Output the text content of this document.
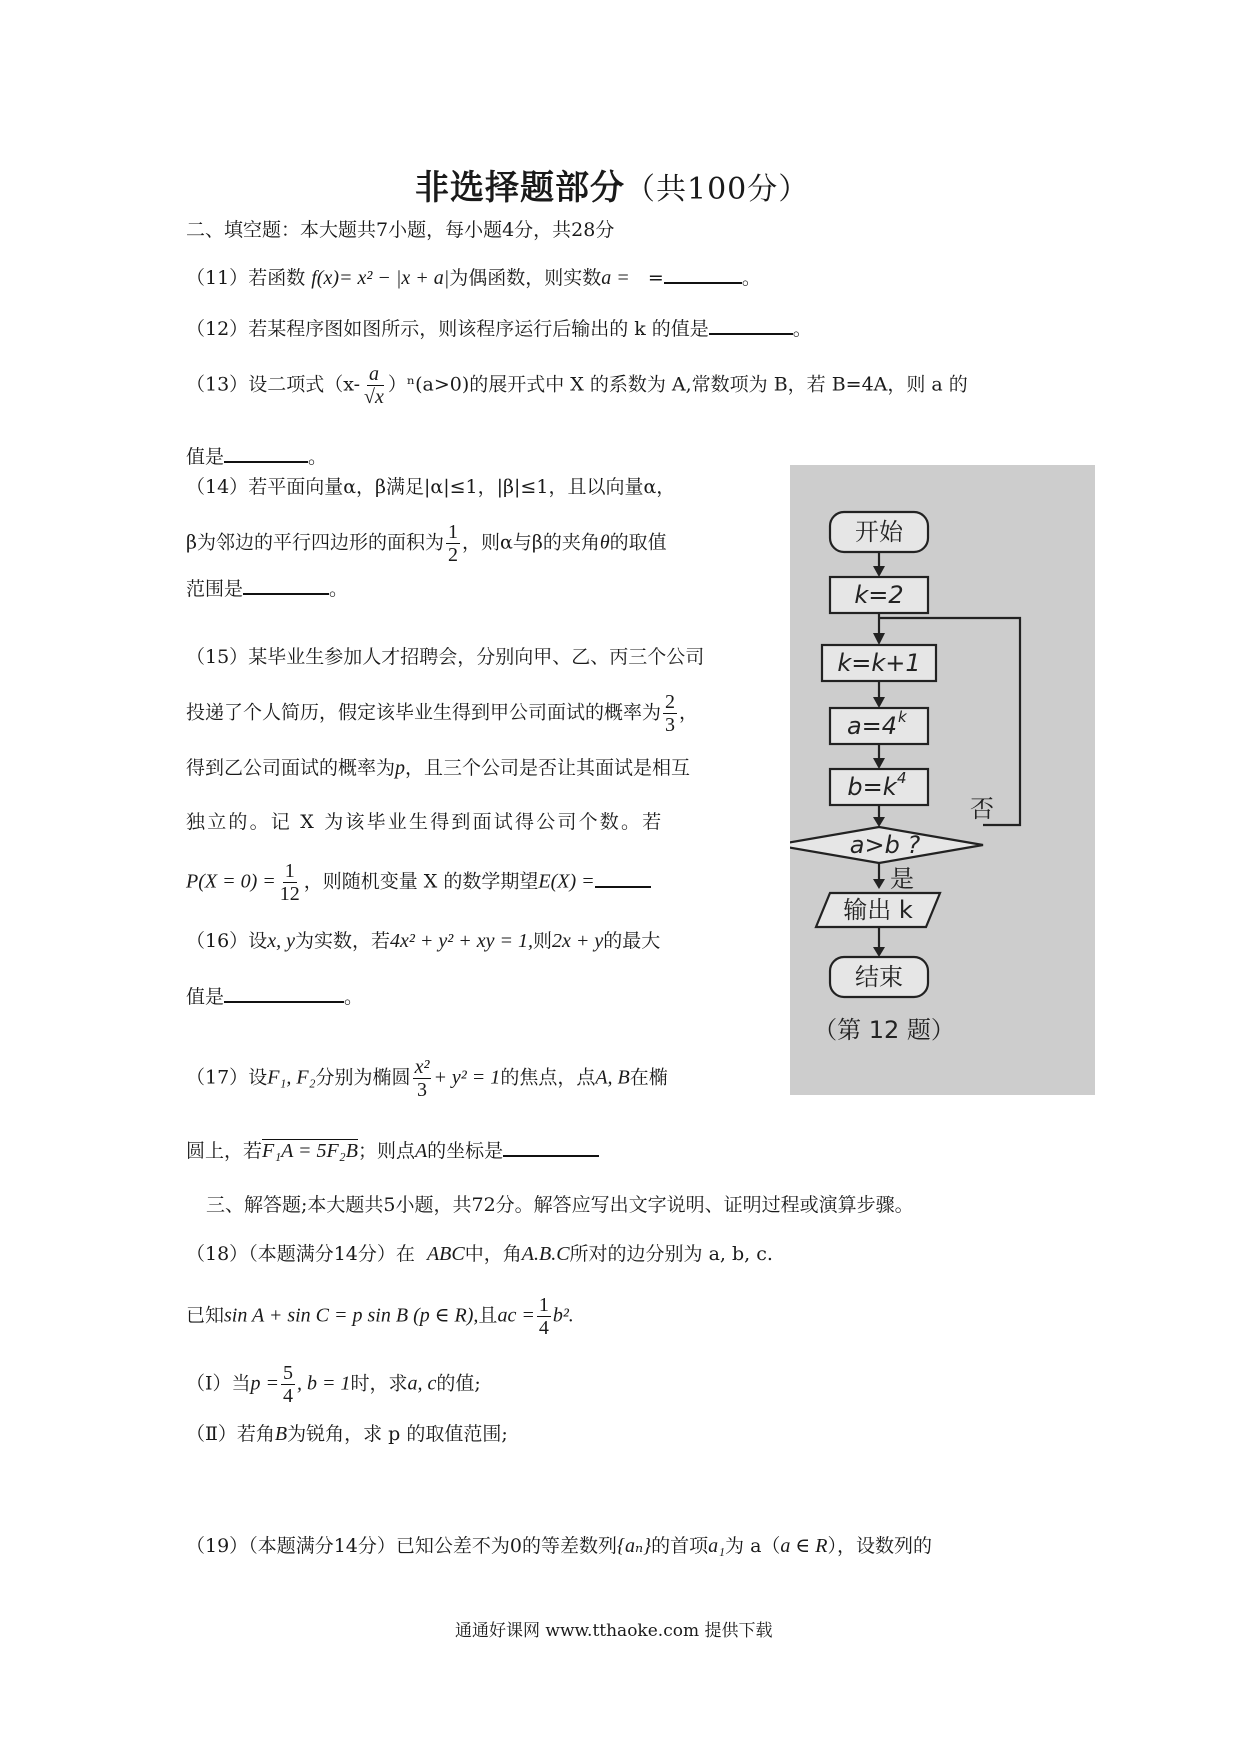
非选择题部分（共100分）
二、填空题：本大题共7小题，每小题4分，共28分
（11）若函数 f(x)= x² − |x + a|为偶函数，则实数a = =	。
（12）若某程序图如图所示，则该程序运行后输出的 k 的值是	。
（13）设二项式$(x- \frac{a}{√x} )^n(a>0)$的展开式中 X 的系数为 A,常数项为 B，若 B=4A，则 a 的
值是	。
（14）若平面向量α，β满足|α|≤1，|β|≤1，且以向量α，
β为邻边的平行四边形的面积为 $\frac{1}{2}$ ，则α与β的夹角θ的取值
范围是	。
（15）某毕业生参加人才招聘会，分别向甲、乙、丙三个公司
投递了个人简历，假定该毕业生得到甲公司面试的概率为 $\frac{2}{3}$ ，
得到乙公司面试的概率为p，且三个公司是否让其面试是相互
独立的。记 X 为该毕业生得到面试得公司个数。若
$P(X = 0) = \frac{1}{12}$ ，则随机变量 X 的数学期望E(X) =
（16）设x, y为实数，若4x² + y² + xy = 1,则2x + y的最大
值是	。
（17）设F₁, F₂分别为椭圆 $\frac{\text{x²}}{3} + y^2 = 1$的焦点，点A, B在椭
圆上，若F₁A = 5F₂B；则点A的坐标是
三、解答题;本大题共5小题，共72分。解答应写出文字说明、证明过程或演算步骤。
（18）（本题满分14分）在 ABC中，角A.B.C所对的边分别为 a, b, c.
已知sin A + sin C = p sin B (p ∈ R),且ac = $\frac{1}{4} b^2$.
（Ⅰ）当$p = \frac{5}{4}$ , b = 1时，求a, c的值;
（Ⅱ）若角B为锐角，求 p 的取值范围;
（19）（本题满分14分）已知公差不为0的等差数列{aₙ}的首项a₁为 a（a ∈ R），设数列的
开始
k=2
k=k+1
a=4 k
b=k 4
a>b ?
否
是
输出 k
结束
（第 12 题）
通通好课网 www.tthaoke.com 提供下载
